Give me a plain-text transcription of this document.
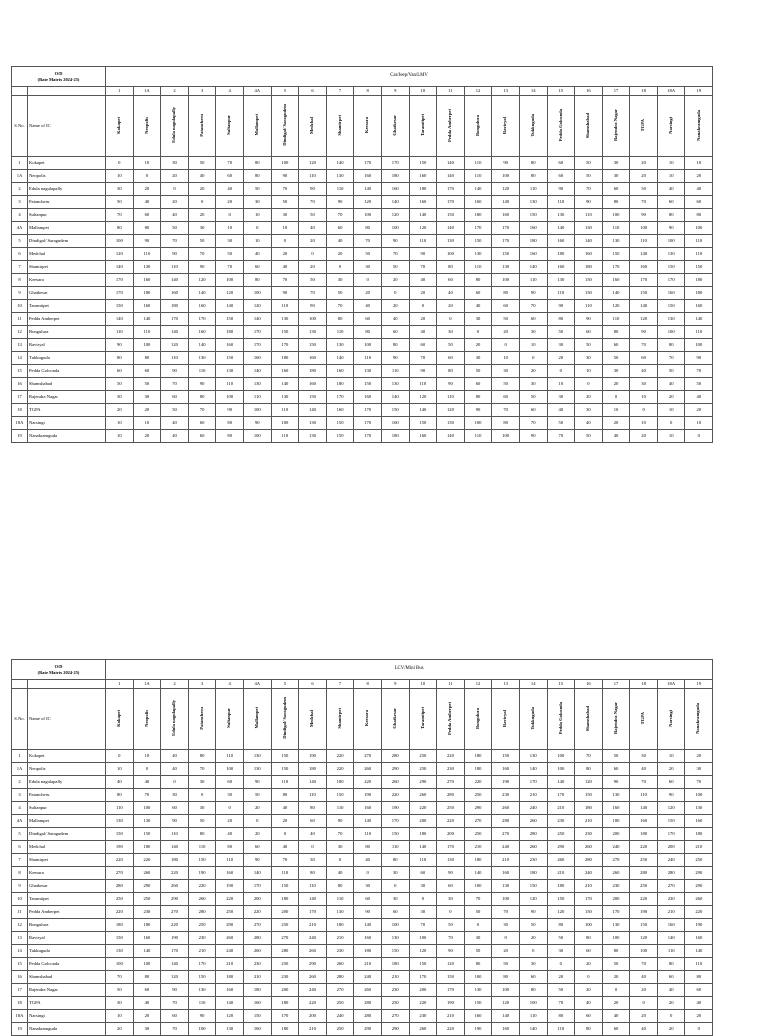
O/D
(Rate Matrix 2024-25)		Car/Jeep/Van/LMV																					
		1	1A	2	3	4	4A	5	6	7	8	9	10	11	12	13	14	15	16	17	18	18A	19
S.No.	Name of IC	Kokapet	Neopolis	Edula nagulapally	Patancheru	Sultanpur	Mallampet	Dindigal/ Saragudem	Medchal	Shamirpet	Keesara	Ghatkesar	Taramtipet	Pedda Amberpet	Bongulura	Raviryal	Tukkuguda	Pedda Golconda	Shamshabad	Rajendra Nagar	TGPA	Narsingi	Nanakramguda
1	Kokapet	0	10	30	50	70	80	100	120	140	170	170	150	140	110	90	80	60	50	30	20	10	10
1A	Neopolis	10	0	20	40	60	80	90	110	130	160	180	160	140	110	100	80	60	50	30	20	10	20
2	Edula nagulapally	30	20	0	20	40	50	70	90	110	140	160	180	170	140	120	110	90	70	60	50	40	40
3	Patancheru	50	40	20	0	20	30	50	70	90	120	140	160	170	160	140	130	110	90	80	70	60	60
4	Sultanpur	70	60	40	20	0	10	30	50	70	100	120	140	150	180	160	150	130	110	100	90	80	80
4A	Mallampet	80	80	50	30	10	0	10	40	60	80	100	120	140	170	170	160	140	130	110	100	90	100
5	Dindigal/ Saragudem	100	90	70	50	30	10	0	20	40	70	90	110	130	150	170	180	160	140	130	110	100	110
6	Medchal	120	110	90	70	50	40	20	0	20	50	70	90	100	130	150	160	180	160	150	140	130	110
7	Shamirpet	140	130	110	90	70	60	40	20	0	30	50	70	80	110	130	140	160	180	170	160	150	150
8	Keesara	170	160	140	120	100	80	70	50	30	0	20	40	60	80	100	110	130	150	160	170	170	180
9	Ghatkesar	170	180	160	140	120	100	90	70	50	20	0	20	40	60	80	90	110	130	140	150	160	180
10	Taramtipet	150	160	180	160	140	120	110	90	70	40	20	0	20	40	60	70	90	110	120	140	150	160
11	Pedda Amberpet	140	140	170	170	150	140	130	100	80	60	40	20	0	30	50	60	80	90	110	120	130	140
12	Bongulura	110	110	140	160	180	170	150	130	110	80	60	40	30	0	20	30	50	60	80	90	100	110
13	Raviryal	90	100	120	140	160	170	170	150	130	100	80	60	50	20	0	10	30	50	60	70	80	100
14	Tukkuguda	80	80	110	130	150	160	180	160	140	110	90	70	60	30	10	0	20	30	50	60	70	90
15	Pedda Golconda	60	60	90	110	130	140	160	180	160	130	110	90	80	50	30	20	0	10	30	40	50	70
16	Shamshabad	50	50	70	90	110	130	140	160	180	150	130	110	90	60	50	30	10	0	20	30	40	50
17	Rajendra Nagar	30	30	60	80	100	110	130	150	170	160	140	120	110	80	60	50	30	20	0	10	20	40
18	TGPA	20	20	50	70	90	100	110	140	160	170	150	140	120	90	70	60	40	30	10	0	10	20
18A	Narsingi	10	10	40	60	80	90	100	130	150	170	160	150	130	100	80	70	50	40	20	10	0	10
19	Nanakramguda	10	20	40	60	80	100	110	130	150	170	180	160	140	110	100	90	70	50	40	20	10	0
O/D
(Rate Matrix 2024-25)		LCV/Mini Bus																					
		1	1A	2	3	4	4A	5	6	7	8	9	10	11	12	13	14	15	16	17	18	18A	19
S.No.	Name of IC	Kokapet	Neopolis	Edula nagulapally	Patancheru	Sultanpur	Mallampet	Dindigal/ Saragudem	Medchal	Shamirpet	Keesara	Ghatkesar	Taramtipet	Pedda Amberpet	Bongulura	Raviryal	Tukkuguda	Pedda Golconda	Shamshabad	Rajendra Nagar	TGPA	Narsingi	Nanakramguda
1	Kokapet	0	10	40	80	110	130	150	190	220	270	280	250	220	180	150	130	100	70	50	30	10	20
1A	Neopolis	10	0	40	70	100	130	150	180	220	260	290	250	230	180	160	140	100	80	60	40	20	30
2	Edula nagulapally	40	40	0	30	60	90	110	140	180	220	260	290	270	220	190	170	140	120	90	70	60	70
3	Patancheru	80	70	30	0	30	50	80	110	150	190	220	260	280	250	230	210	170	150	130	110	90	100
4	Sultanpur	110	100	60	30	0	20	40	80	110	160	190	220	250	290	260	240	210	180	160	140	120	130
4A	Mallampet	130	130	90	50	20	0	20	60	90	140	170	200	220	270	280	260	230	210	180	160	150	160
5	Dindigal/ Saragudem	150	150	110	80	40	20	0	40	70	110	150	180	200	250	270	280	250	230	200	180	170	180
6	Medchal	190	180	140	110	80	60	40	0	30	80	110	140	170	210	240	260	290	260	240	220	200	210
7	Shamirpet	220	220	180	150	110	90	70	30	0	40	80	110	130	180	210	230	260	280	270	250	240	250
8	Keesara	270	260	220	190	160	140	110	80	40	0	30	60	90	140	160	180	210	240	260	280	280	290
9	Ghatkesar	280	290	260	220	190	170	150	110	80	30	0	30	60	100	130	150	180	210	230	250	270	290
10	Taramtipet	250	250	290	260	220	200	180	140	110	60	30	0	30	70	100	120	150	170	200	220	230	260
11	Pedda Amberpet	220	230	270	280	250	220	200	170	130	90	60	30	0	50	70	90	120	150	170	190	210	220
12	Bongulura	180	180	220	250	290	270	250	210	180	140	100	70	50	0	30	50	80	100	130	150	160	190
13	Raviryal	150	160	190	230	260	280	270	240	210	160	130	100	70	30	0	20	50	80	100	120	140	160
14	Tukkuguda	130	140	170	210	240	260	280	260	230	180	150	120	90	50	20	0	30	60	80	100	110	140
15	Pedda Golconda	100	100	140	170	210	230	250	290	260	210	180	150	120	80	50	30	0	20	50	70	80	110
16	Shamshabad	70	80	120	150	180	210	230	260	280	240	210	170	150	100	80	60	20	0	20	40	60	80
17	Rajendra Nagar	50	60	90	130	160	180	200	240	270	260	230	200	170	130	100	80	50	20	0	20	40	60
18	TGPA	30	40	70	110	140	160	180	220	250	280	250	220	190	150	120	100	70	40	20	0	20	40
18A	Narsingi	10	20	60	90	120	150	170	200	240	280	270	230	210	160	140	110	80	60	40	20	0	20
19	Nanakramguda	20	30	70	100	130	160	180	210	250	290	290	260	220	190	160	140	110	80	60	40	20	0
